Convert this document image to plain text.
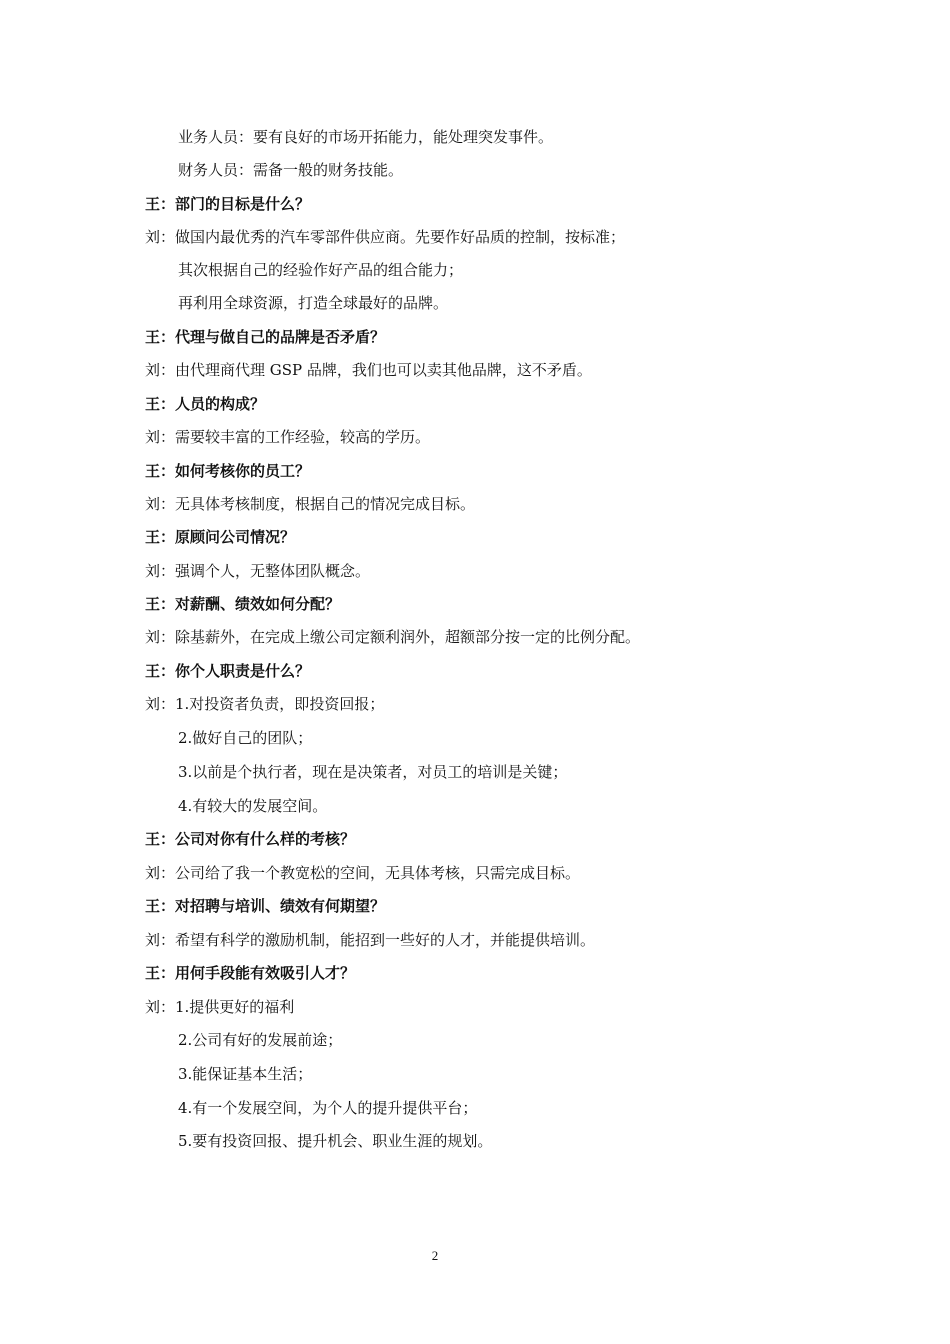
业务人员：要有良好的市场开拓能力，能处理突发事件。
财务人员：需备一般的财务技能。
王：部门的目标是什么？
刘：做国内最优秀的汽车零部件供应商。先要作好品质的控制，按标准；
其次根据自己的经验作好产品的组合能力；
再利用全球资源，打造全球最好的品牌。
王：代理与做自己的品牌是否矛盾？
刘：由代理商代理 GSP 品牌，我们也可以卖其他品牌，这不矛盾。
王：人员的构成？
刘：需要较丰富的工作经验，较高的学历。
王：如何考核你的员工？
刘：无具体考核制度，根据自己的情况完成目标。
王：原顾问公司情况？
刘：强调个人，无整体团队概念。
王：对薪酬、绩效如何分配？
刘：除基薪外，在完成上缴公司定额利润外，超额部分按一定的比例分配。
王：你个人职责是什么？
刘：1.对投资者负责，即投资回报；
2.做好自己的团队；
3.以前是个执行者，现在是决策者，对员工的培训是关键；
4.有较大的发展空间。
王：公司对你有什么样的考核？
刘：公司给了我一个教宽松的空间，无具体考核，只需完成目标。
王：对招聘与培训、绩效有何期望？
刘：希望有科学的激励机制，能招到一些好的人才，并能提供培训。
王：用何手段能有效吸引人才？
刘：1.提供更好的福利
2.公司有好的发展前途；
3.能保证基本生活；
4.有一个发展空间，为个人的提升提供平台；
5.要有投资回报、提升机会、职业生涯的规划。
2
